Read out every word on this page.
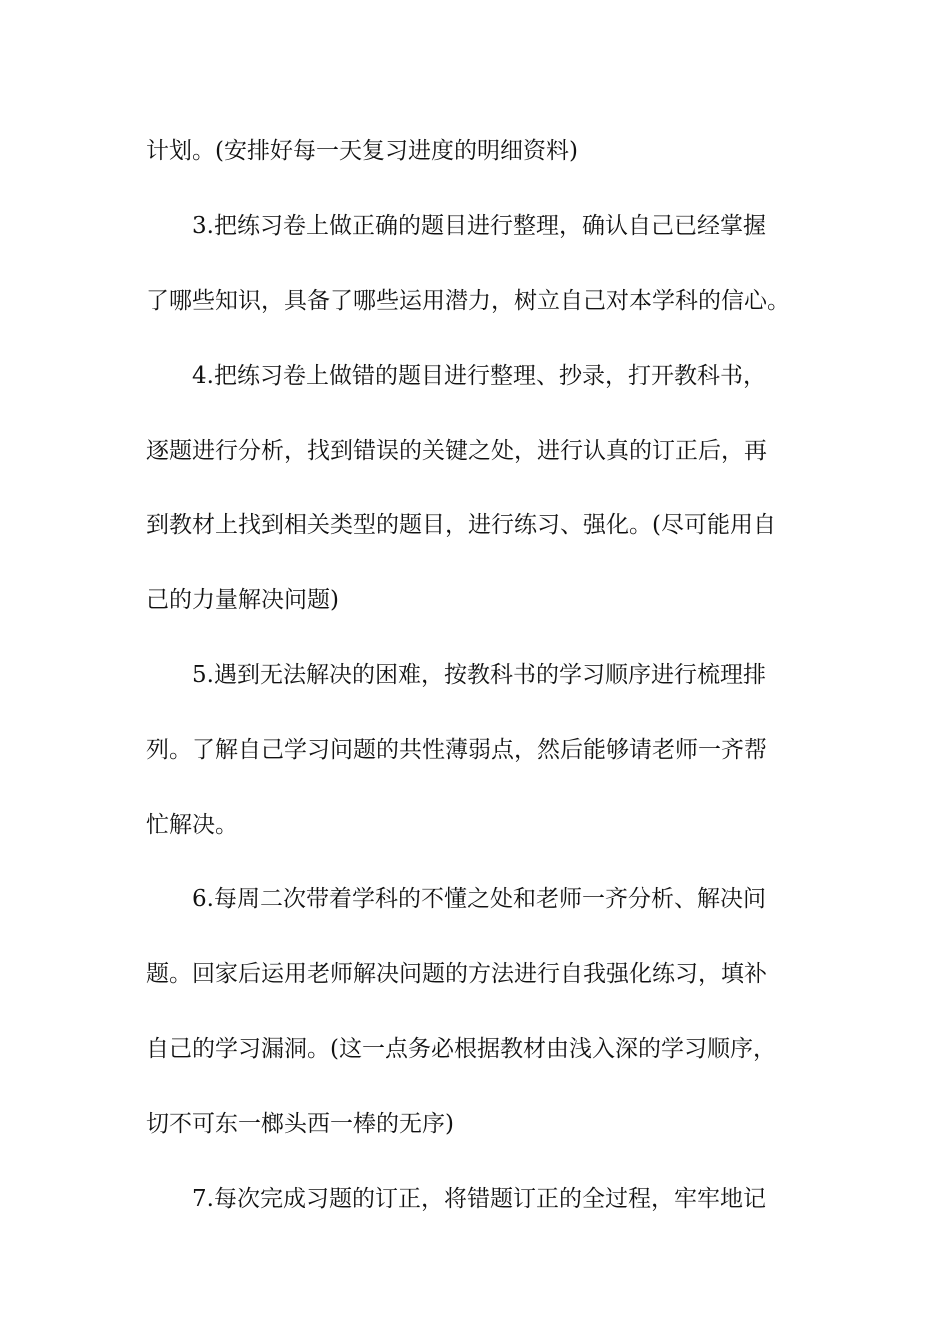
计划。(安排好每一天复习进度的明细资料)
3.把练习卷上做正确的题目进行整理，确认自己已经掌握
了哪些知识，具备了哪些运用潜力，树立自己对本学科的信心。
4.把练习卷上做错的题目进行整理、抄录，打开教科书，
逐题进行分析，找到错误的关键之处，进行认真的订正后，再
到教材上找到相关类型的题目，进行练习、强化。(尽可能用自
己的力量解决问题)
5.遇到无法解决的困难，按教科书的学习顺序进行梳理排
列。了解自己学习问题的共性薄弱点，然后能够请老师一齐帮
忙解决。
6.每周二次带着学科的不懂之处和老师一齐分析、解决问
题。回家后运用老师解决问题的方法进行自我强化练习，填补
自己的学习漏洞。(这一点务必根据教材由浅入深的学习顺序，
切不可东一榔头西一棒的无序)
7.每次完成习题的订正，将错题订正的全过程，牢牢地记
